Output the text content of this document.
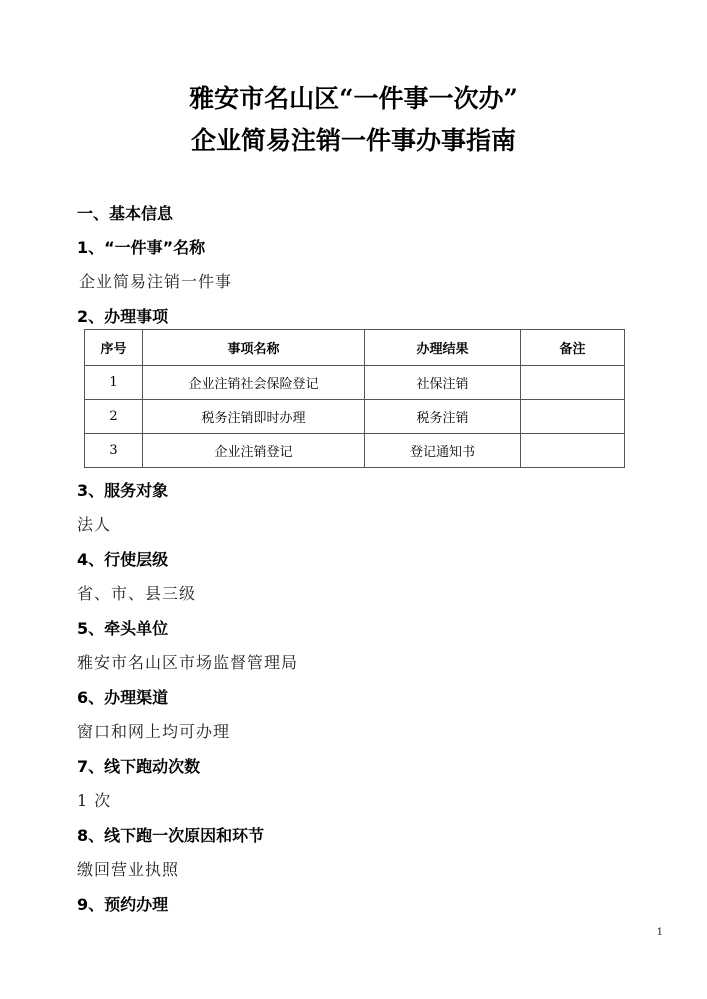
雅安市名山区“一件事一次办”
企业简易注销一件事办事指南
一、基本信息
1、“一件事”名称
企业简易注销一件事
2、办理事项
序号	事项名称	办理结果	备注
1	企业注销社会保险登记	社保注销	
2	税务注销即时办理	税务注销	
3	企业注销登记	登记通知书	
3、服务对象
法人
4、行使层级
省、市、县三级
5、牵头单位
雅安市名山区市场监督管理局
6、办理渠道
窗口和网上均可办理
7、线下跑动次数
1 次
8、线下跑一次原因和环节
缴回营业执照
9、预约办理
1
